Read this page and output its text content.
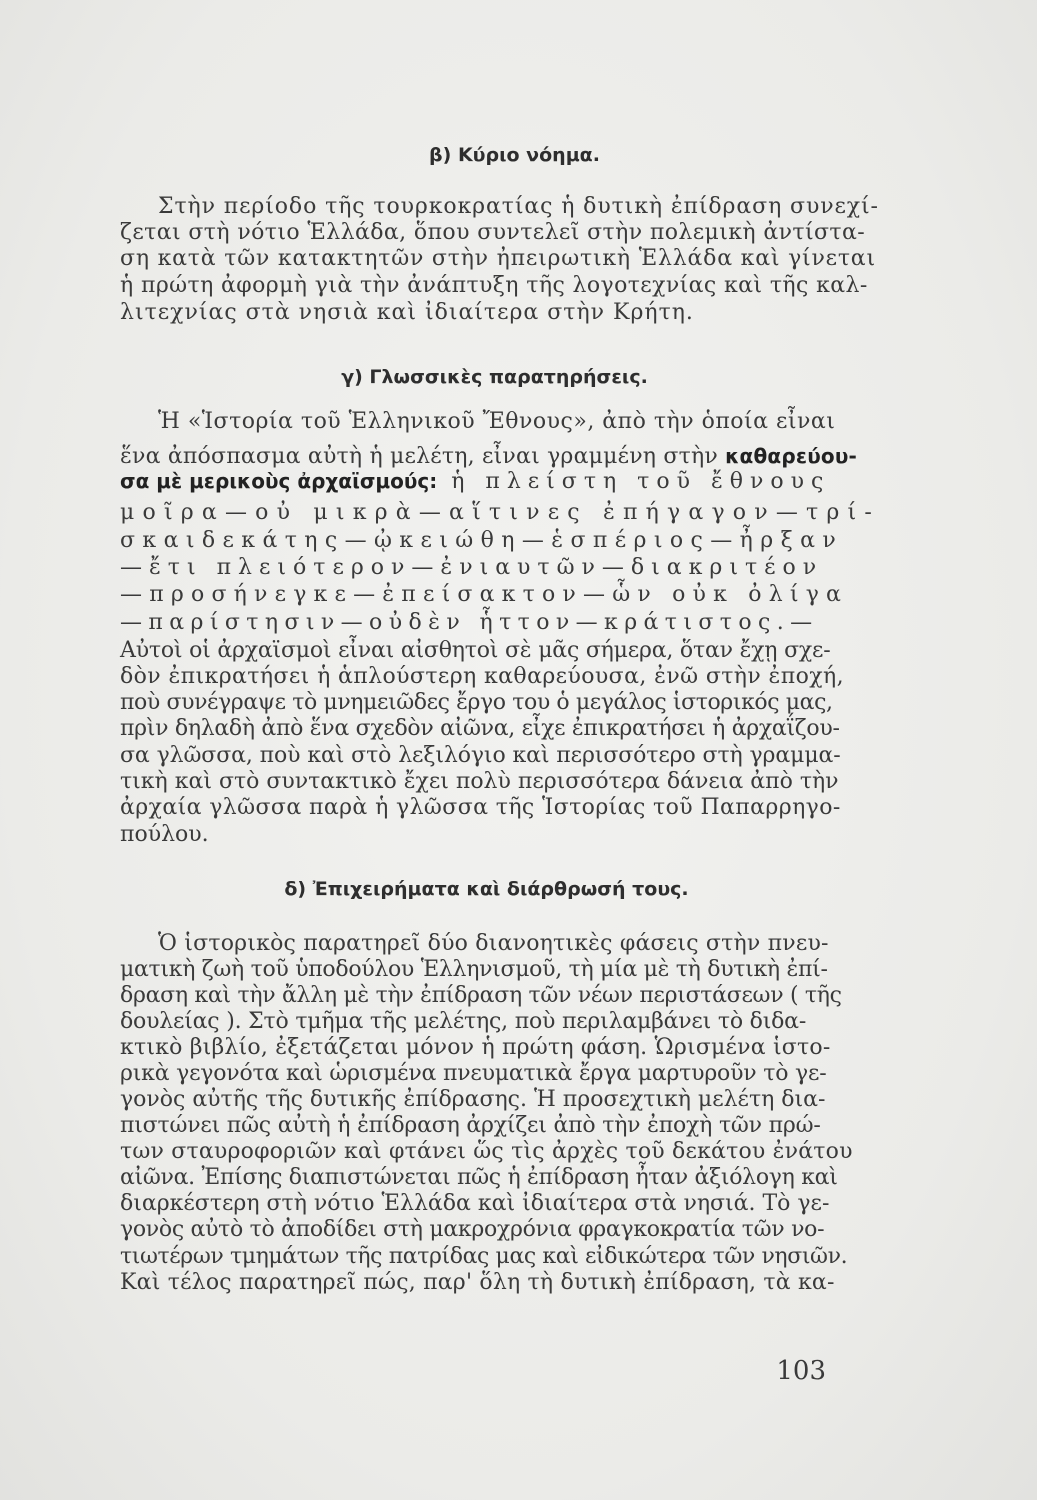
β) Κύριο νόημα.
Στὴν περίοδο τῆς τουρκοκρατίας ἡ δυτικὴ ἐπίδραση συνεχί-
ζεται στὴ νότιο Ἑλλάδα, ὅπου συντελεῖ στὴν πολεμικὴ ἀντίστα-
ση κατὰ τῶν κατακτητῶν στὴν ἠπειρωτικὴ Ἑλλάδα καὶ γίνεται
ἡ πρώτη ἀφορμὴ γιὰ τὴν ἀνάπτυξη τῆς λογοτεχνίας καὶ τῆς καλ-
λιτεχνίας στὰ νησιὰ καὶ ἰδιαίτερα στὴν Κρήτη.
γ) Γλωσσικὲς παρατηρήσεις.
Ἡ «Ἱστορία τοῦ Ἑλληνικοῦ Ἔθνους», ἀπὸ τὴν ὁποία εἶναι
ἕνα ἀπόσπασμα αὐτὴ ἡ μελέτη, εἶναι γραμμένη στὴν καθαρεύου-
σα μὲ μερικοὺς ἀρχαϊσμούς: ἡ πλείστη τοῦ ἔθνους
μοῖρα—οὐ μικρὰ—αἵτινες ἐπήγαγον—τρί-
σκαιδεκάτης—ᾠκειώθη—ἑσπέριος—ἦρξαν
—ἔτι πλειότερον—ἐνιαυτῶν—διακριτέον
—προσήνεγκε—ἐπείσακτον—ὧν οὐκ ὀλίγα
—παρίστησιν—οὐδὲν ἧττον—κράτιστος.—
Αὐτοὶ οἱ ἀρχαϊσμοὶ εἶναι αἰσθητοὶ σὲ μᾶς σήμερα, ὅταν ἔχῃ σχε-
δὸν ἐπικρατήσει ἡ ἁπλούστερη καθαρεύουσα, ἐνῶ στὴν ἐποχή,
ποὺ συνέγραψε τὸ μνημειῶδες ἔργο του ὁ μεγάλος ἱστορικός μας,
πρὶν δηλαδὴ ἀπὸ ἕνα σχεδὸν αἰῶνα, εἶχε ἐπικρατήσει ἡ ἀρχαΐζου-
σα γλῶσσα, ποὺ καὶ στὸ λεξιλόγιο καὶ περισσότερο στὴ γραμμα-
τικὴ καὶ στὸ συντακτικὸ ἔχει πολὺ περισσότερα δάνεια ἀπὸ τὴν
ἀρχαία γλῶσσα παρὰ ἡ γλῶσσα τῆς Ἱστορίας τοῦ Παπαρρηγο-
πούλου.
δ) Ἐπιχειρήματα καὶ διάρθρωσή τους.
Ὁ ἱστορικὸς παρατηρεῖ δύο διανοητικὲς φάσεις στὴν πνευ-
ματικὴ ζωὴ τοῦ ὑποδούλου Ἑλληνισμοῦ, τὴ μία μὲ τὴ δυτικὴ ἐπί-
δραση καὶ τὴν ἄλλη μὲ τὴν ἐπίδραση τῶν νέων περιστάσεων ( τῆς
δουλείας ). Στὸ τμῆμα τῆς μελέτης, ποὺ περιλαμβάνει τὸ διδα-
κτικὸ βιβλίο, ἐξετάζεται μόνον ἡ πρώτη φάση. Ὡρισμένα ἱστο-
ρικὰ γεγονότα καὶ ὡρισμένα πνευματικὰ ἔργα μαρτυροῦν τὸ γε-
γονὸς αὐτῆς τῆς δυτικῆς ἐπίδρασης. Ἡ προσεχτικὴ μελέτη δια-
πιστώνει πῶς αὐτὴ ἡ ἐπίδραση ἀρχίζει ἀπὸ τὴν ἐποχὴ τῶν πρώ-
των σταυροφοριῶν καὶ φτάνει ὥς τὶς ἀρχὲς τοῦ δεκάτου ἐνάτου
αἰῶνα. Ἐπίσης διαπιστώνεται πῶς ἡ ἐπίδραση ἦταν ἀξιόλογη καὶ
διαρκέστερη στὴ νότιο Ἑλλάδα καὶ ἰδιαίτερα στὰ νησιά. Τὸ γε-
γονὸς αὐτὸ τὸ ἀποδίδει στὴ μακροχρόνια φραγκοκρατία τῶν νο-
τιωτέρων τμημάτων τῆς πατρίδας μας καὶ εἰδικώτερα τῶν νησιῶν.
Καὶ τέλος παρατηρεῖ πώς, παρ' ὅλη τὴ δυτικὴ ἐπίδραση, τὰ κα-
103
